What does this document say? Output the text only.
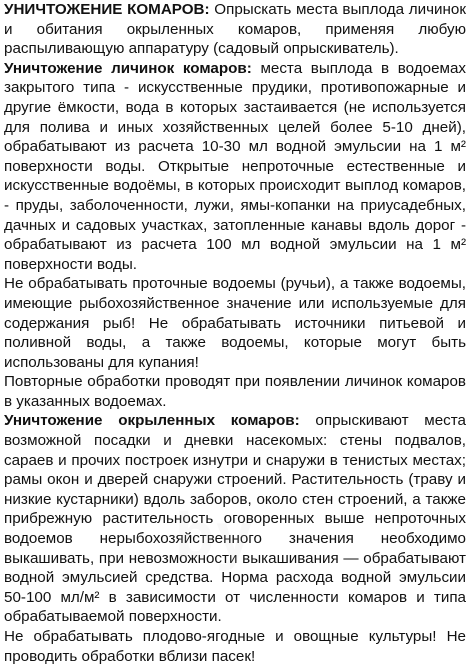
УНИЧТОЖЕНИЕ КОМАРОВ: Опрыскать места выплода личинок и обитания окрыленных комаров, применяя любую распыливающую аппаратуру (садовый опрыскиватель).

Уничтожение личинок комаров: места выплода в водоемах закрытого типа - искусственные прудики, противопожарные и другие ёмкости, вода в которых застаивается (не используется для полива и иных хозяйственных целей более 5-10 дней), обрабатывают из расчета 10-30 мл водной эмульсии на 1 м² поверхности воды. Открытые непроточные естественные и искусственные водоёмы, в которых происходит выплод комаров, - пруды, заболоченности, лужи, ямы-копанки на приусадебных, дачных и садовых участках, затопленные канавы вдоль дорог - обрабатывают из расчета 100 мл водной эмульсии на 1 м² поверхности воды.

Не обрабатывать проточные водоемы (ручьи), а также водоемы, имеющие рыбохозяйственное значение или используемые для содержания рыб! Не обрабатывать источники питьевой и поливной воды, а также водоемы, которые могут быть использованы для купания!

Повторные обработки проводят при появлении личинок комаров в указанных водоемах.

Уничтожение окрыленных комаров: опрыскивают места возможной посадки и дневки насекомых: стены подвалов, сараев и прочих построек изнутри и снаружи в тенистых местах; рамы окон и дверей снаружи строений. Растительность (траву и низкие кустарники) вдоль заборов, около стен строений, а также прибрежную растительность оговоренных выше непроточных водоемов нерыбохозяйственного значения необходимо выкашивать, при невозможности выкашивания — обрабатывают водной эмульсией средства. Норма расхода водной эмульсии 50-100 мл/м² в зависимости от численности комаров и типа обрабатываемой поверхности.

Не обрабатывать плодово-ягодные и овощные культуры! Не проводить обработки вблизи пасек!

by
